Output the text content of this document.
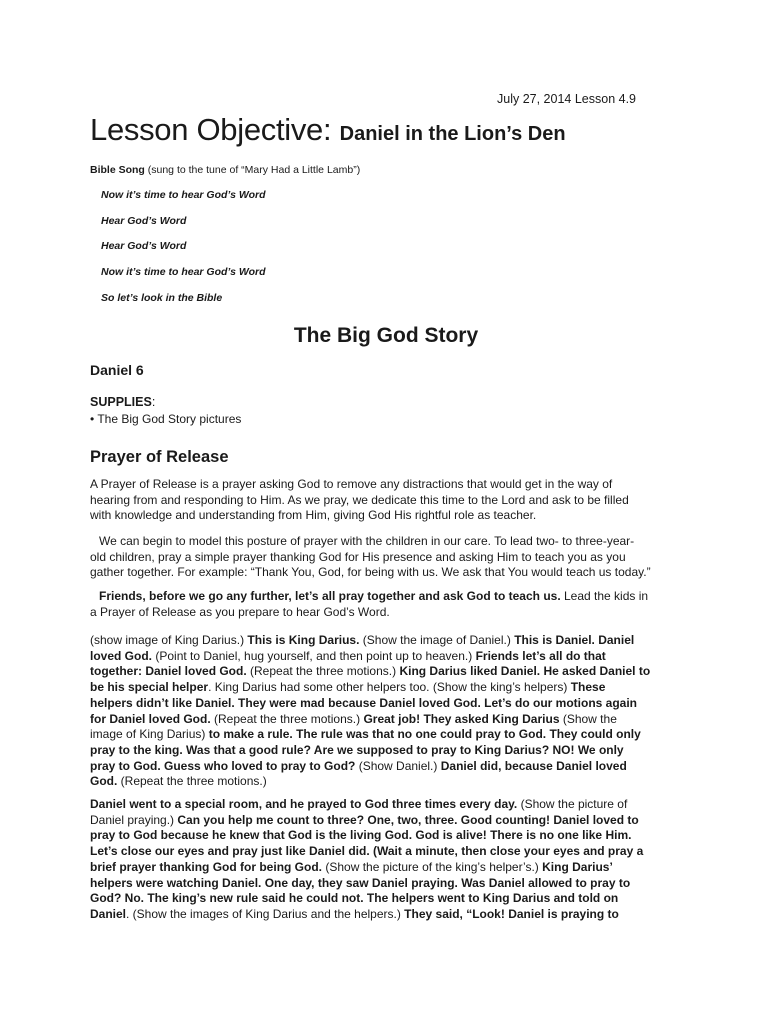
July 27, 2014 Lesson 4.9
Lesson Objective: Daniel in the Lion’s Den
Bible Song (sung to the tune of “Mary Had a Little Lamb”)
Now it’s time to hear God’s Word
Hear God’s Word
Hear God’s Word
Now it’s time to hear God’s Word
So let’s look in the Bible
The Big God Story
Daniel 6
SUPPLIES:
• The Big God Story pictures
Prayer of Release
A Prayer of Release is a prayer asking God to remove any distractions that would get in the way of
hearing from and responding to Him. As we pray, we dedicate this time to the Lord and ask to be filled
with knowledge and understanding from Him, giving God His rightful role as teacher.
We can begin to model this posture of prayer with the children in our care. To lead two- to three-year-
old children, pray a simple prayer thanking God for His presence and asking Him to teach you as you
gather together. For example: “Thank You, God, for being with us. We ask that You would teach us today.”
Friends, before we go any further, let’s all pray together and ask God to teach us. Lead the kids in
a Prayer of Release as you prepare to hear God’s Word.
(show image of King Darius.) This is King Darius. (Show the image of Daniel.) This is Daniel. Daniel
loved God. (Point to Daniel, hug yourself, and then point up to heaven.) Friends let’s all do that
together: Daniel loved God. (Repeat the three motions.) King Darius liked Daniel. He asked Daniel to
be his special helper. King Darius had some other helpers too. (Show the king’s helpers) These
helpers didn’t like Daniel. They were mad because Daniel loved God. Let’s do our motions again
for Daniel loved God. (Repeat the three motions.) Great job! They asked King Darius (Show the
image of King Darius) to make a rule. The rule was that no one could pray to God. They could only
pray to the king. Was that a good rule? Are we supposed to pray to King Darius? NO! We only
pray to God. Guess who loved to pray to God? (Show Daniel.) Daniel did, because Daniel loved
God. (Repeat the three motions.)
Daniel went to a special room, and he prayed to God three times every day. (Show the picture of
Daniel praying.) Can you help me count to three? One, two, three. Good counting! Daniel loved to
pray to God because he knew that God is the living God. God is alive! There is no one like Him.
Let’s close our eyes and pray just like Daniel did. (Wait a minute, then close your eyes and pray a
brief prayer thanking God for being God. (Show the picture of the king’s helper’s.) King Darius’
helpers were watching Daniel. One day, they saw Daniel praying. Was Daniel allowed to pray to
God? No. The king’s new rule said he could not. The helpers went to King Darius and told on
Daniel. (Show the images of King Darius and the helpers.) They said, “Look! Daniel is praying to
